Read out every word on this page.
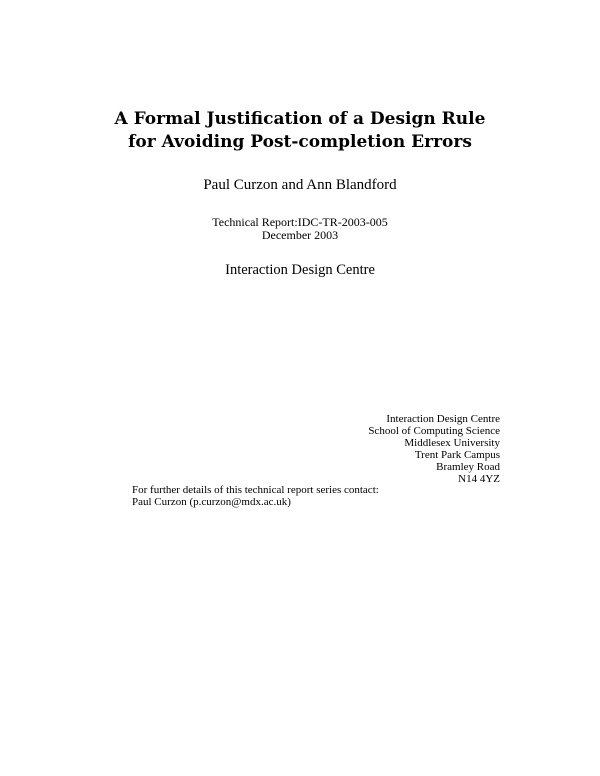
A Formal Justification of a Design Rule
for Avoiding Post-completion Errors
Paul Curzon and Ann Blandford
Technical Report:IDC-TR-2003-005
December 2003
Interaction Design Centre
Interaction Design Centre
School of Computing Science
Middlesex University
Trent Park Campus
Bramley Road
N14 4YZ
For further details of this technical report series contact:
Paul Curzon (p.curzon@mdx.ac.uk)
